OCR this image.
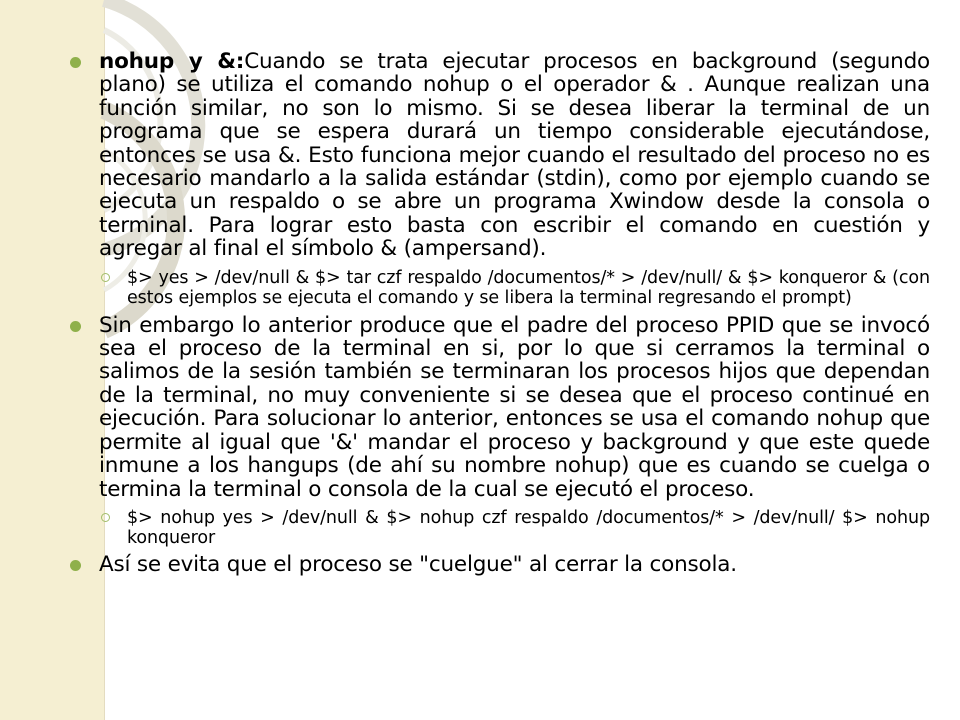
nohup y &:Cuando se trata ejecutar procesos en background (segundo plano) se utiliza el comando nohup o el operador & . Aunque realizan una función similar, no son lo mismo. Si se desea liberar la terminal de un programa que se espera durará un tiempo considerable ejecutándose, entonces se usa &. Esto funciona mejor cuando el resultado del proceso no es necesario mandarlo a la salida estándar (stdin), como por ejemplo cuando se ejecuta un respaldo o se abre un programa Xwindow desde la consola o terminal. Para lograr esto basta con escribir el comando en cuestión y agregar al final el símbolo & (ampersand).
$> yes > /dev/null & $> tar czf respaldo /documentos/* > /dev/null/ & $> konqueror & (con estos ejemplos se ejecuta el comando y se libera la terminal regresando el prompt)
Sin embargo lo anterior produce que el padre del proceso PPID que se invocó sea el proceso de la terminal en si, por lo que si cerramos la terminal o salimos de la sesión también se terminaran los procesos hijos que dependan de la terminal, no muy conveniente si se desea que el proceso continué en ejecución. Para solucionar lo anterior, entonces se usa el comando nohup que permite al igual que '&' mandar el proceso y background y que este quede inmune a los hangups (de ahí su nombre nohup) que es cuando se cuelga o termina la terminal o consola de la cual se ejecutó el proceso.
$> nohup yes > /dev/null & $> nohup czf respaldo /documentos/* > /dev/null/ $> nohup konqueror
Así se evita que el proceso se "cuelgue" al cerrar la consola.
